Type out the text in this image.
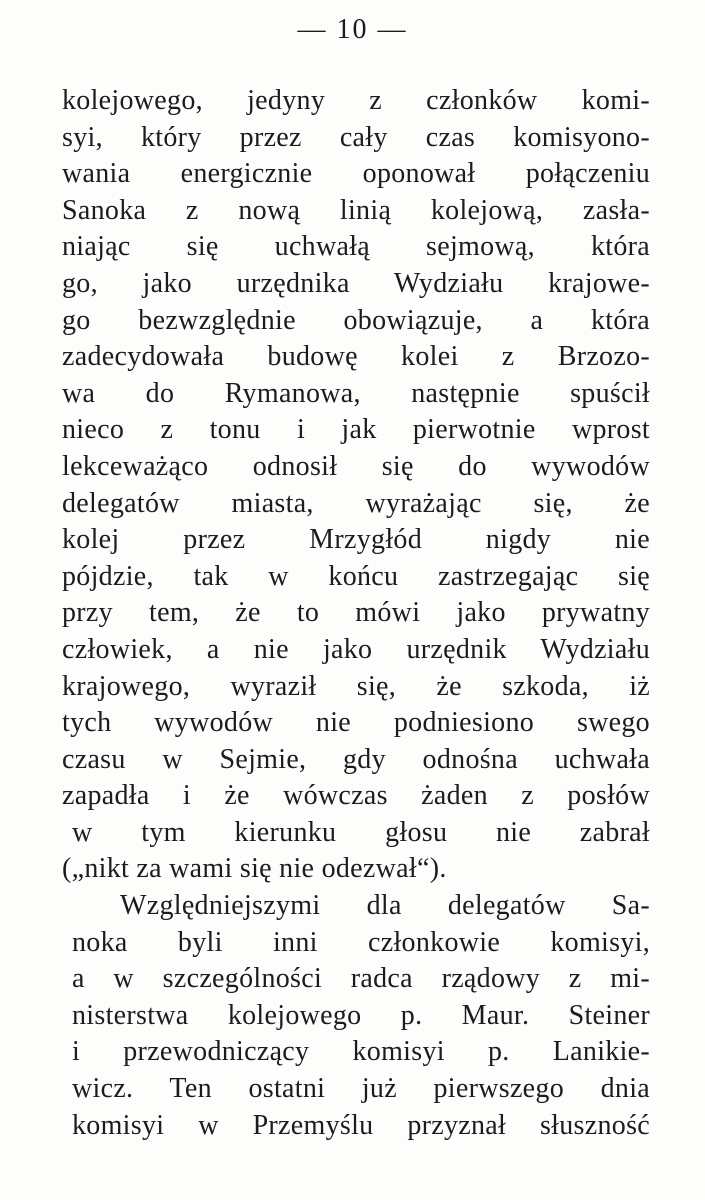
— 10 —
kolejowego, jedyny z członków komi-
syi, który przez cały czas komisyono-
wania energicznie oponował połączeniu
Sanoka z nową linią kolejową, zasła-
niając się uchwałą sejmową, która
go, jako urzędnika Wydziału krajowe-
go bezwzględnie obowiązuje, a która
zadecydowała budowę kolei z Brzozo-
wa do Rymanowa, następnie spuścił
nieco z tonu i jak pierwotnie wprost
lekceważąco odnosił się do wywodów
delegatów miasta, wyrażając się, że
kolej przez Mrzygłód nigdy nie
pójdzie, tak w końcu zastrzegając się
przy tem, że to mówi jako prywatny
człowiek, a nie jako urzędnik Wydziału
krajowego, wyraził się, że szkoda, iż
tych wywodów nie podniesiono swego
czasu w Sejmie, gdy odnośna uchwała
zapadła i że wówczas żaden z posłów
w tym kierunku głosu nie zabrał
(„nikt za wami się nie odezwał“).
Względniejszymi dla delegatów Sa-
noka byli inni członkowie komisyi,
a w szczególności radca rządowy z mi-
nisterstwa kolejowego p. Maur. Steiner
i przewodniczący komisyi p. Lanikie-
wicz. Ten ostatni już pierwszego dnia
komisyi w Przemyślu przyznał słuszność
